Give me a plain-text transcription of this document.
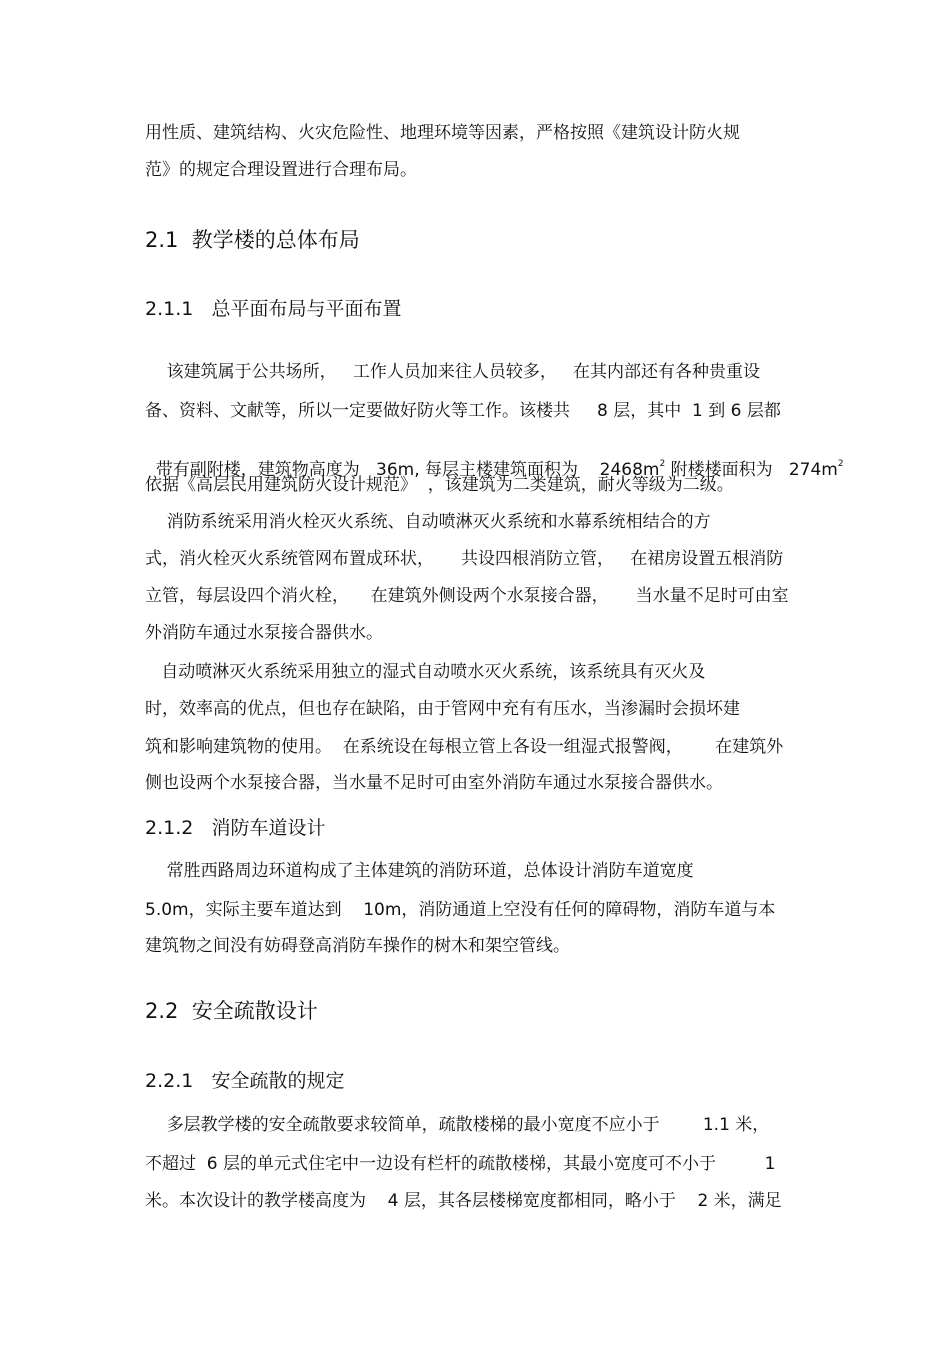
用性质、建筑结构、火灾危险性、地理环境等因素，严格按照《建筑设计防火规
范》的规定合理设置进行合理布局。
2.1  教学楼的总体布局
2.1.1   总平面布局与平面布置
该建筑属于公共场所，   工作人员加来往人员较多，   在其内部还有各种贵重设
备、资料、文献等，所以一定要做好防火等工作。该楼共     8 层，其中  1 到 6 层都

带有副附楼，建筑物高度为   36m, 每层主楼建筑面积为    $2468m^2$ 附楼楼面积为   $274m^2$

依据《高层民用建筑防火设计规范》  ，该建筑为二类建筑，耐火等级为二级。
消防系统采用消火栓灭火系统、自动喷淋灭火系统和水幕系统相结合的方
式，消火栓灭火系统管网布置成环状，     共设四根消防立管，   在裙房设置五根消防
立管，每层设四个消火栓，    在建筑外侧设两个水泵接合器，     当水量不足时可由室
外消防车通过水泵接合器供水。
自动喷淋灭火系统采用独立的湿式自动喷水灭火系统，该系统具有灭火及
时，效率高的优点，但也存在缺陷，由于管网中充有有压水，当渗漏时会损坏建
筑和影响建筑物的使用。  在系统设在每根立管上各设一组湿式报警阀，      在建筑外
侧也设两个水泵接合器，当水量不足时可由室外消防车通过水泵接合器供水。
2.1.2   消防车道设计
常胜西路周边环道构成了主体建筑的消防环道，总体设计消防车道宽度
5.0m，实际主要车道达到    10m，消防通道上空没有任何的障碍物，消防车道与本
建筑物之间没有妨碍登高消防车操作的树木和架空管线。
2.2  安全疏散设计
2.2.1   安全疏散的规定
多层教学楼的安全疏散要求较简单，疏散楼梯的最小宽度不应小于        1.1 米，
不超过  6 层的单元式住宅中一边设有栏杆的疏散楼梯，其最小宽度可不小于         1
米。本次设计的教学楼高度为    4 层，其各层楼梯宽度都相同，略小于    2 米，满足
